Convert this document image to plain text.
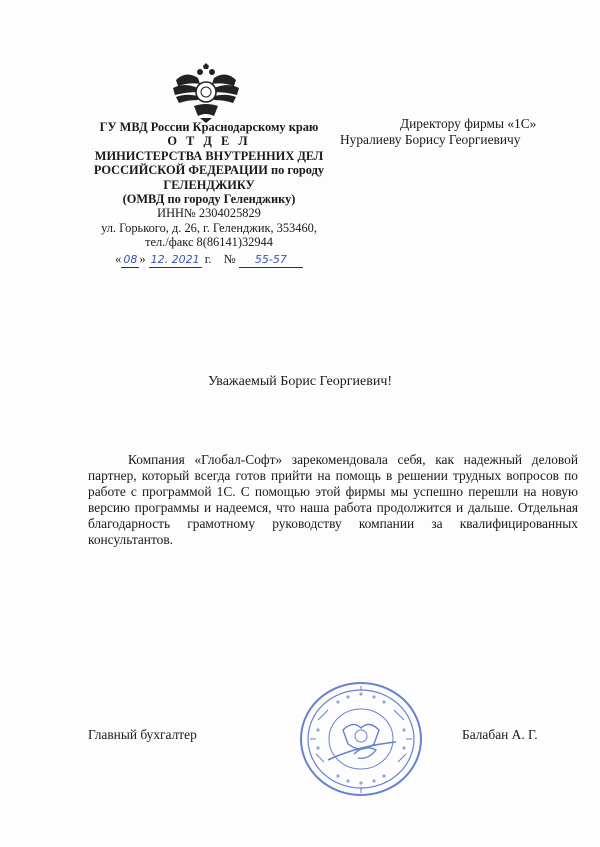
ГУ МВД России Краснодарскому краю
О Т Д Е Л
МИНИСТЕРСТВА ВНУТРЕННИХ ДЕЛ
РОССИЙСКОЙ ФЕДЕРАЦИИ по городу
ГЕЛЕНДЖИКУ
(ОМВД по городу Геленджику)
ИНН№ 2304025829
ул. Горького, д. 26, г. Геленджик, 353460,
тел./факс 8(86141)32944
« 08 » 12. 2021 г. № 55-57
Директору фирмы «1С»
Нуралиеву Борису Георгиевичу
Уважаемый Борис Георгиевич!
Компания «Глобал-Софт» зарекомендовала себя, как надежный деловой партнер, который всегда готов прийти на помощь в решении трудных вопросов по работе с программой 1С. С помощью этой фирмы мы успешно перешли на новую версию программы и надеемся, что наша работа продолжится и дальше. Отдельная благодарность грамотному руководству компании за квалифицированных консультантов.
Главный бухгалтер	Балабан А. Г.
